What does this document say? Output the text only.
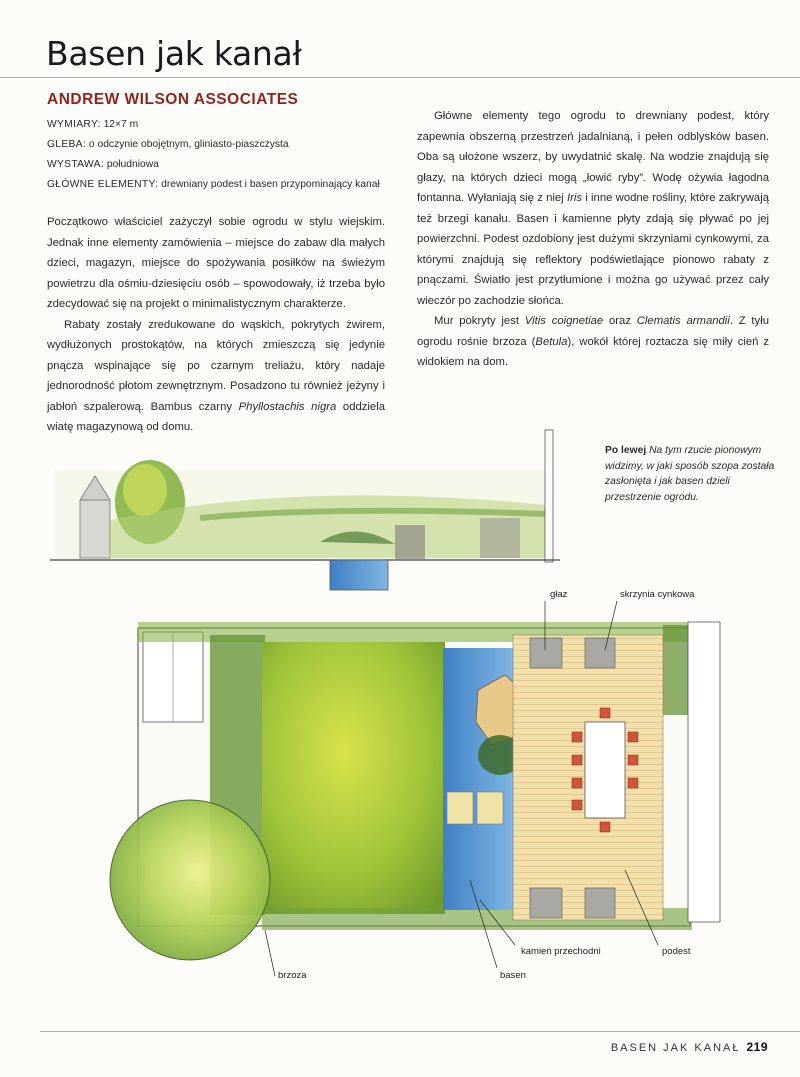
Basen jak kanał
ANDREW WILSON ASSOCIATES
WYMIARY: 12×7 m
GLEBA: o odczynie obojętnym, gliniasto-piaszczysta
WYSTAWA: południowa
GŁÓWNE ELEMENTY: drewniany podest i basen przypominający kanał

Początkowo właściciel zażyczył sobie ogrodu w stylu wiejskim. Jednak inne elementy zamówienia – miejsce do zabaw dla małych dzieci, magazyn, miejsce do spożywania posiłków na świeżym powietrzu dla ośmiu-dziesięciu osób – spowodowały, iż trzeba było zdecydować się na projekt o minimalistycznym charakterze.

Rabaty zostały zredukowane do wąskich, pokrytych żwirem, wydłużonych prostokątów, na których zmieszczą się jedynie pnącza wspinające się po czarnym treliażu, który nadaje jednorodność płotom zewnętrznym. Posadzono tu również jeżyny i jabłoń szpalerową. Bambus czarny Phyllostachis nigra oddziela wiatę magazynową od domu.

Główne elementy tego ogrodu to drewniany podest, który zapewnia obszerną przestrzeń jadalnianą, i pełen odblysków basen. Oba są ułożone wszerz, by uwydatnić skalę. Na wodzie znajdują się głazy, na których dzieci mogą „łowić ryby”. Wodę ożywia łagodna fontanna. Wyłaniają się z niej Iris i inne wodne rośliny, które zakrywają też brzegi kanału. Basen i kamienne płyty zdają się pływać po jej powierzchni. Podest ozdobiony jest dużymi skrzyniami cynkowymi, za którymi znajdują się reflektory podświetlające pionowo rabaty z pnączami. Światło jest przytłumione i można go używać przez cały wieczór po zachodzie słońca.

Mur pokryty jest Vitis coignetiae oraz Clematis armandii. Z tyłu ogrodu rośnie brzoza (Betula), wokół której roztacza się miły cień z widokiem na dom.

Po lewej Na tym rzucie pionowym widzimy, w jaki sposób szopa została zasłonięta i jak basen dzieli przestrzenie ogrodu.
głaz	skrzynia cynkowa
kamień przechodni	podest
basen
brzoza
BASEN JAK KANAŁ 219
